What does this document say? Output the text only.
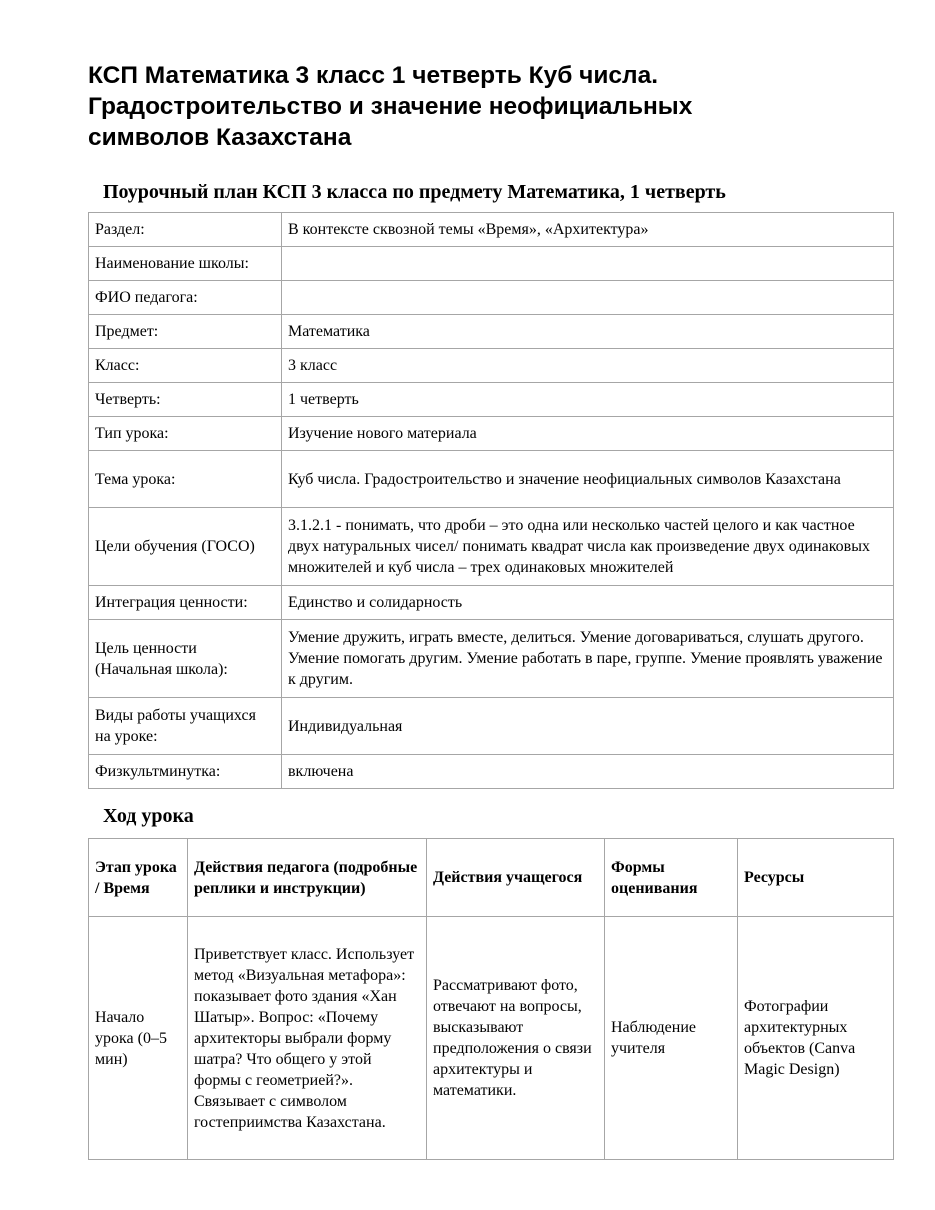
КСП Математика 3 класс 1 четверть Куб числа.
Градостроительство и значение неофициальных
символов Казахстана
Поурочный план КСП 3 класса по предмету Математика, 1 четверть
Раздел:	В контексте сквозной темы «Время», «Архитектура»
Наименование школы:	
ФИО педагога:	
Предмет:	Математика
Класс:	3 класс
Четверть:	1 четверть
Тип урока:	Изучение нового материала
Тема урока:	Куб числа. Градостроительство и значение неофициальных символов Казахстана
Цели обучения (ГОСО)	3.1.2.1 - понимать, что дроби – это одна или несколько частей целого и как частное двух натуральных чисел/ понимать квадрат числа как произведение двух одинаковых множителей и куб числа – трех одинаковых множителей
Интеграция ценности:	Единство и солидарность
Цель ценности (Начальная школа):	Умение дружить, играть вместе, делиться. Умение договариваться, слушать другого. Умение помогать другим. Умение работать в паре, группе. Умение проявлять уважение к другим.
Виды работы учащихся на уроке:	Индивидуальная
Физкультминутка:	включена
Ход урока
Этап урока / Время	Действия педагога (подробные реплики и инструкции)	Действия учащегося	Формы оценивания	Ресурсы
Начало урока (0–5 мин)	Приветствует класс. Использует метод «Визуальная метафора»: показывает фото здания «Хан Шатыр». Вопрос: «Почему архитекторы выбрали форму шатра? Что общего у этой формы с геометрией?». Связывает с символом гостеприимства Казахстана.	Рассматривают фото, отвечают на вопросы, высказывают предположения о связи архитектуры и математики.	Наблюдение учителя	Фотографии архитектурных объектов (Canva Magic Design)
